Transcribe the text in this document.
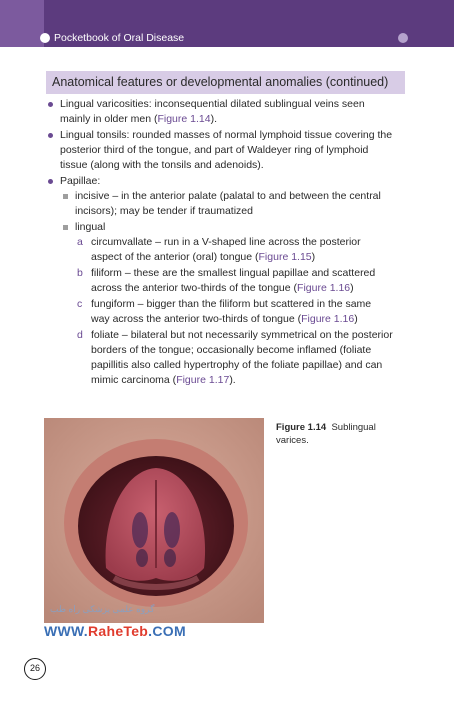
Pocketbook of Oral Disease
Anatomical features or developmental anomalies (continued)
Lingual varicosities: inconsequential dilated sublingual veins seen
mainly in older men (Figure 1.14).
Lingual tonsils: rounded masses of normal lymphoid tissue covering the
posterior third of the tongue, and part of Waldeyer ring of lymphoid
tissue (along with the tonsils and adenoids).
Papillae:
incisive – in the anterior palate (palatal to and between the central
incisors); may be tender if traumatized
lingual
a circumvallate – run in a V-shaped line across the posterior
aspect of the anterior (oral) tongue (Figure 1.15)
b filiform – these are the smallest lingual papillae and scattered
across the anterior two-thirds of the tongue (Figure 1.16)
c fungiform – bigger than the filiform but scattered in the same
way across the anterior two-thirds of tongue (Figure 1.16)
d foliate – bilateral but not necessarily symmetrical on the posterior
borders of the tongue; occasionally become inflamed (foliate
papillitis also called hypertrophy of the foliate papillae) and can
mimic carcinoma (Figure 1.17).
گروه علمی پزشکی راه طب
WWW.RaheTeb.COM
Figure 1.14 Sublingual varices.
26
